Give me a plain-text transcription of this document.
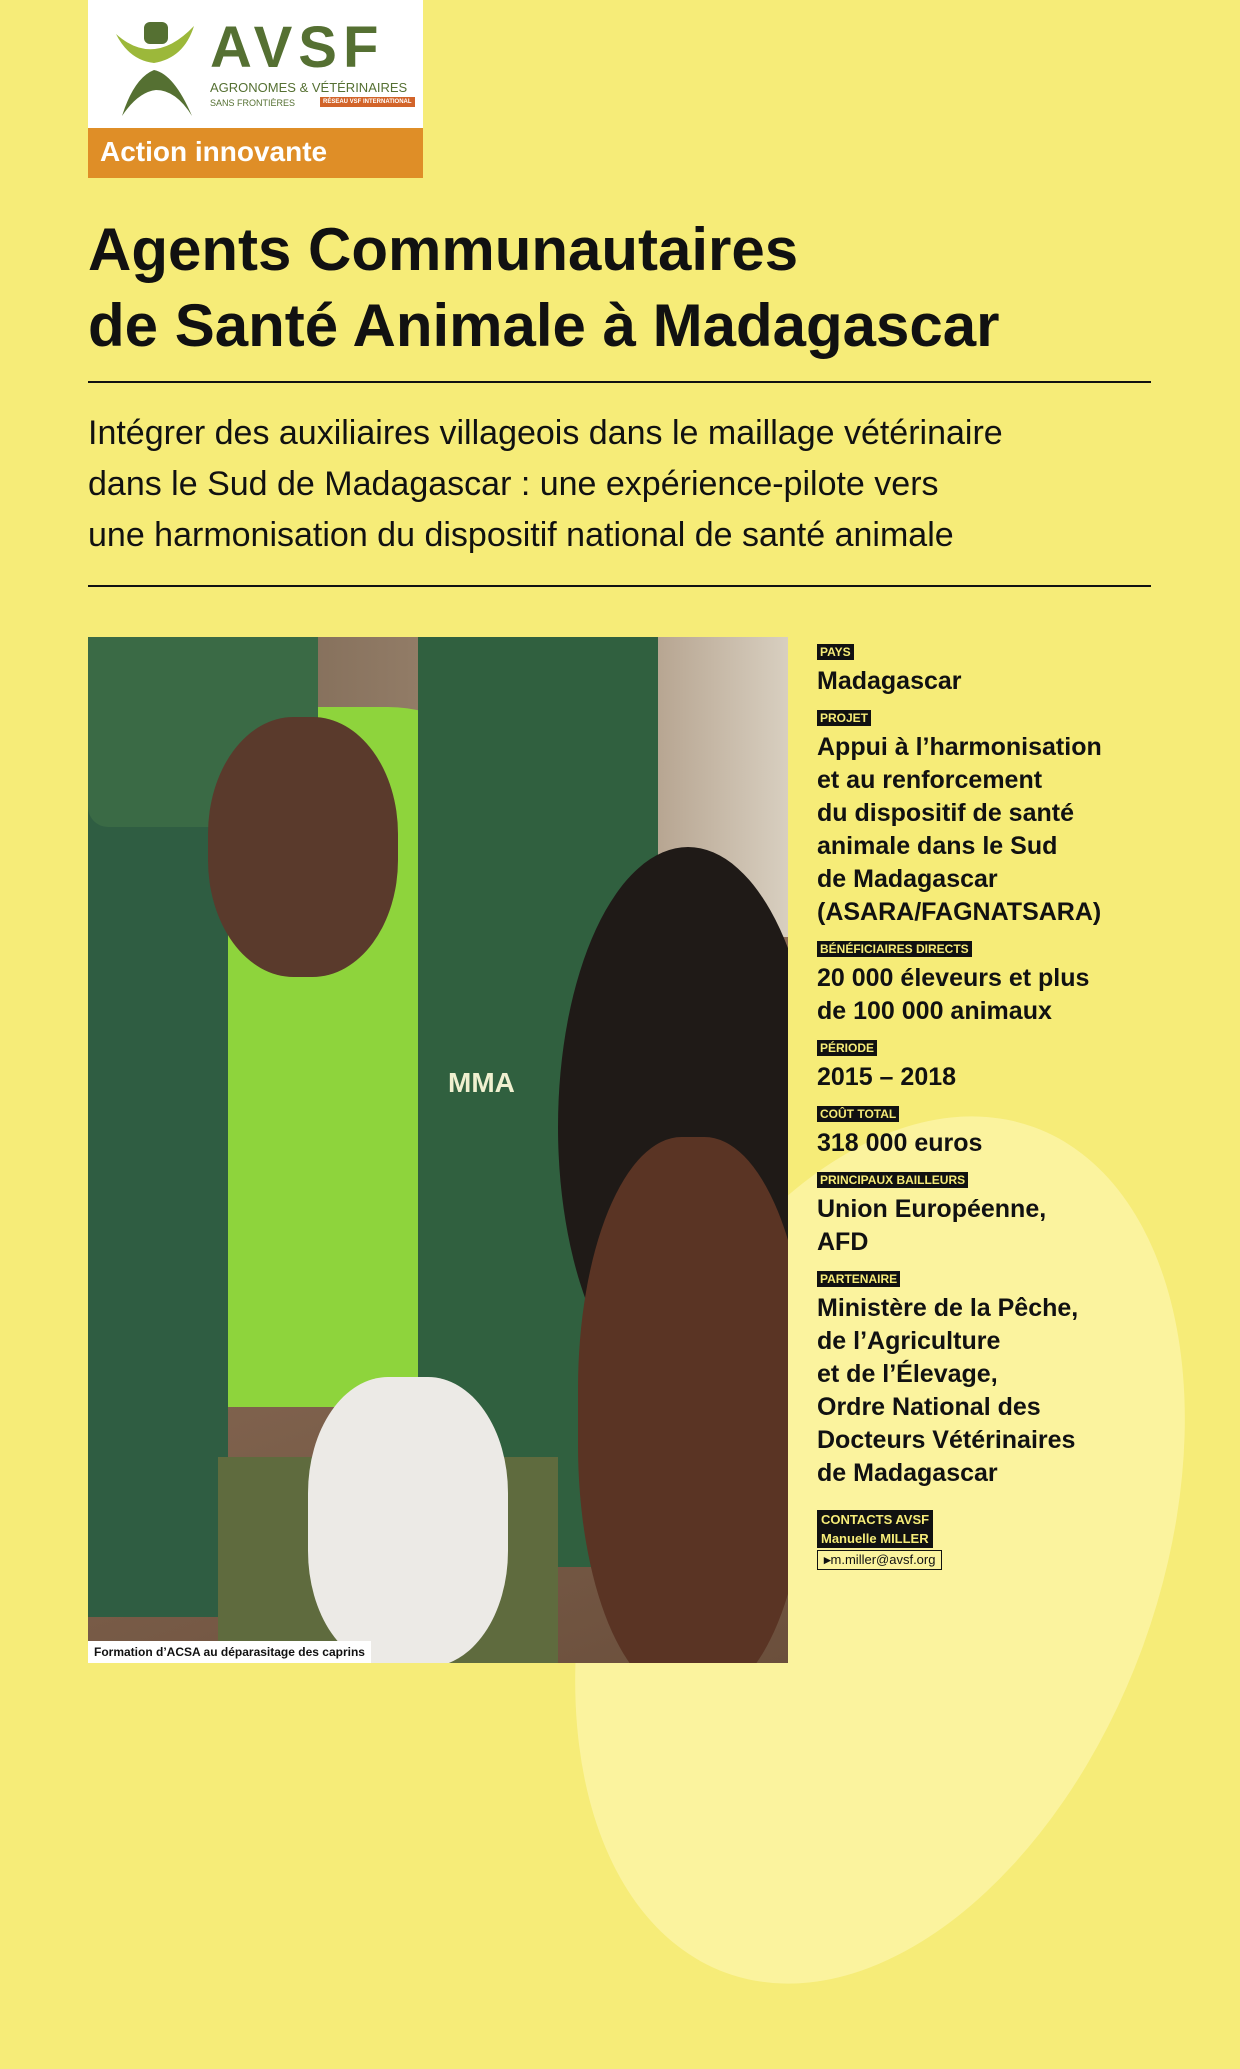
AVSF
AGRONOMES & VÉTÉRINAIRES
SANS FRONTIÈRES	RÉSEAU VSF INTERNATIONAL
Action innovante
Agents Communautaires
de Santé Animale à Madagascar
Intégrer des auxiliaires villageois dans le maillage vétérinaire
dans le Sud de Madagascar : une expérience-pilote vers
une harmonisation du dispositif national de santé animale
MMA
Formation d’ACSA au déparasitage des caprins
PAYS
Madagascar
PROJET
Appui à l’harmonisation
et au renforcement
du dispositif de santé
animale dans le Sud
de Madagascar
(ASARA/FAGNATSARA)
BÉNÉFICIAIRES DIRECTS
20 000 éleveurs et plus
de 100 000 animaux
PÉRIODE
2015 – 2018
COÛT TOTAL
318 000 euros
PRINCIPAUX BAILLEURS
Union Européenne,
AFD
PARTENAIRE
Ministère de la Pêche,
de l’Agriculture
et de l’Élevage,
Ordre National des
Docteurs Vétérinaires
de Madagascar
CONTACTS AVSF
Manuelle MILLER
▸m.miller@avsf.org
